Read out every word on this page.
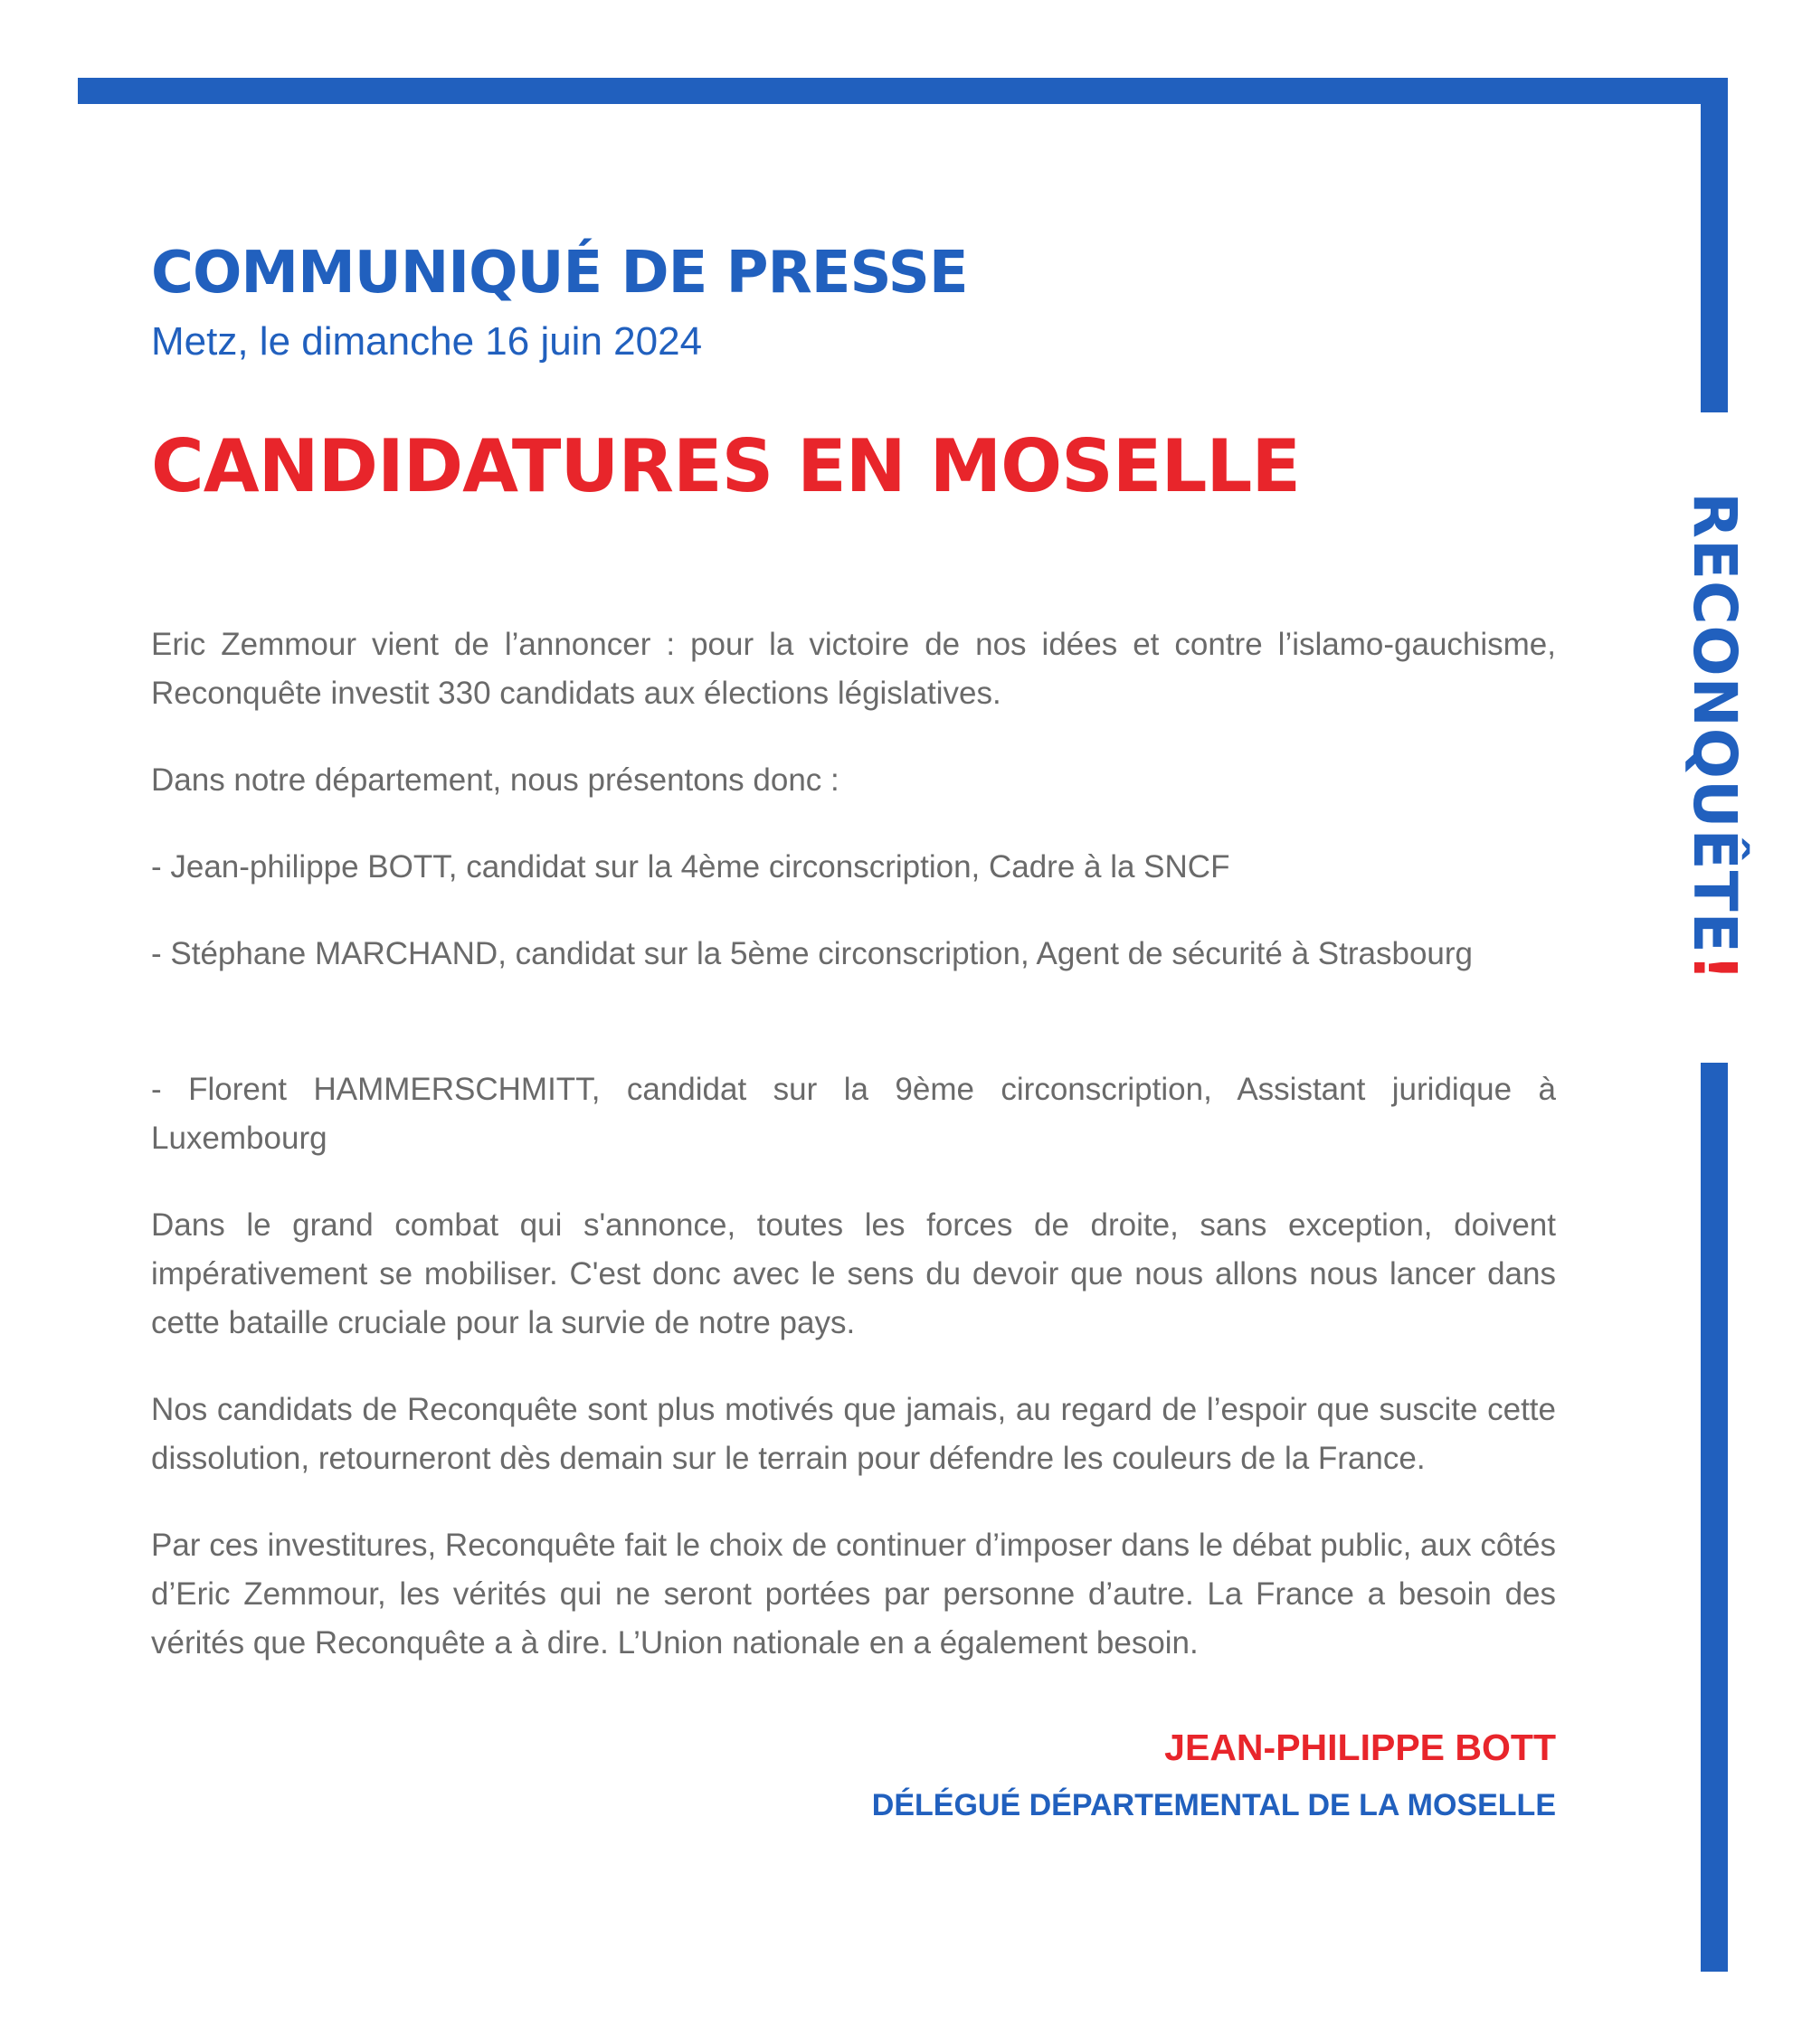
RECONQUÊTE!
COMMUNIQUÉ DE PRESSE
Metz, le dimanche 16 juin 2024
CANDIDATURES EN MOSELLE

Eric Zemmour vient de l’annoncer : pour la victoire de nos idées et contre l’islamo-gauchisme, Reconquête investit 330 candidats aux élections législatives.

Dans notre département, nous présentons donc :

- Jean-philippe BOTT, candidat sur la 4ème circonscription, Cadre à la SNCF

- Stéphane MARCHAND, candidat sur la 5ème circonscription, Agent de sécurité à Strasbourg

- Florent HAMMERSCHMITT, candidat sur la 9ème circonscription, Assistant juridique à Luxembourg

Dans le grand combat qui s'annonce, toutes les forces de droite, sans exception, doivent impérativement se mobiliser. C'est donc avec le sens du devoir que nous allons nous lancer dans cette bataille cruciale pour la survie de notre pays.

Nos candidats de Reconquête sont plus motivés que jamais, au regard de l’espoir que suscite cette dissolution, retourneront dès demain sur le terrain pour défendre les couleurs de la France.

Par ces investitures, Reconquête fait le choix de continuer d’imposer dans le débat public, aux côtés d’Eric Zemmour, les vérités qui ne seront portées par personne d’autre. La France a besoin des vérités que Reconquête a à dire. L’Union nationale en a également besoin.

JEAN-PHILIPPE BOTT
DÉLÉGUÉ DÉPARTEMENTAL DE LA MOSELLE
